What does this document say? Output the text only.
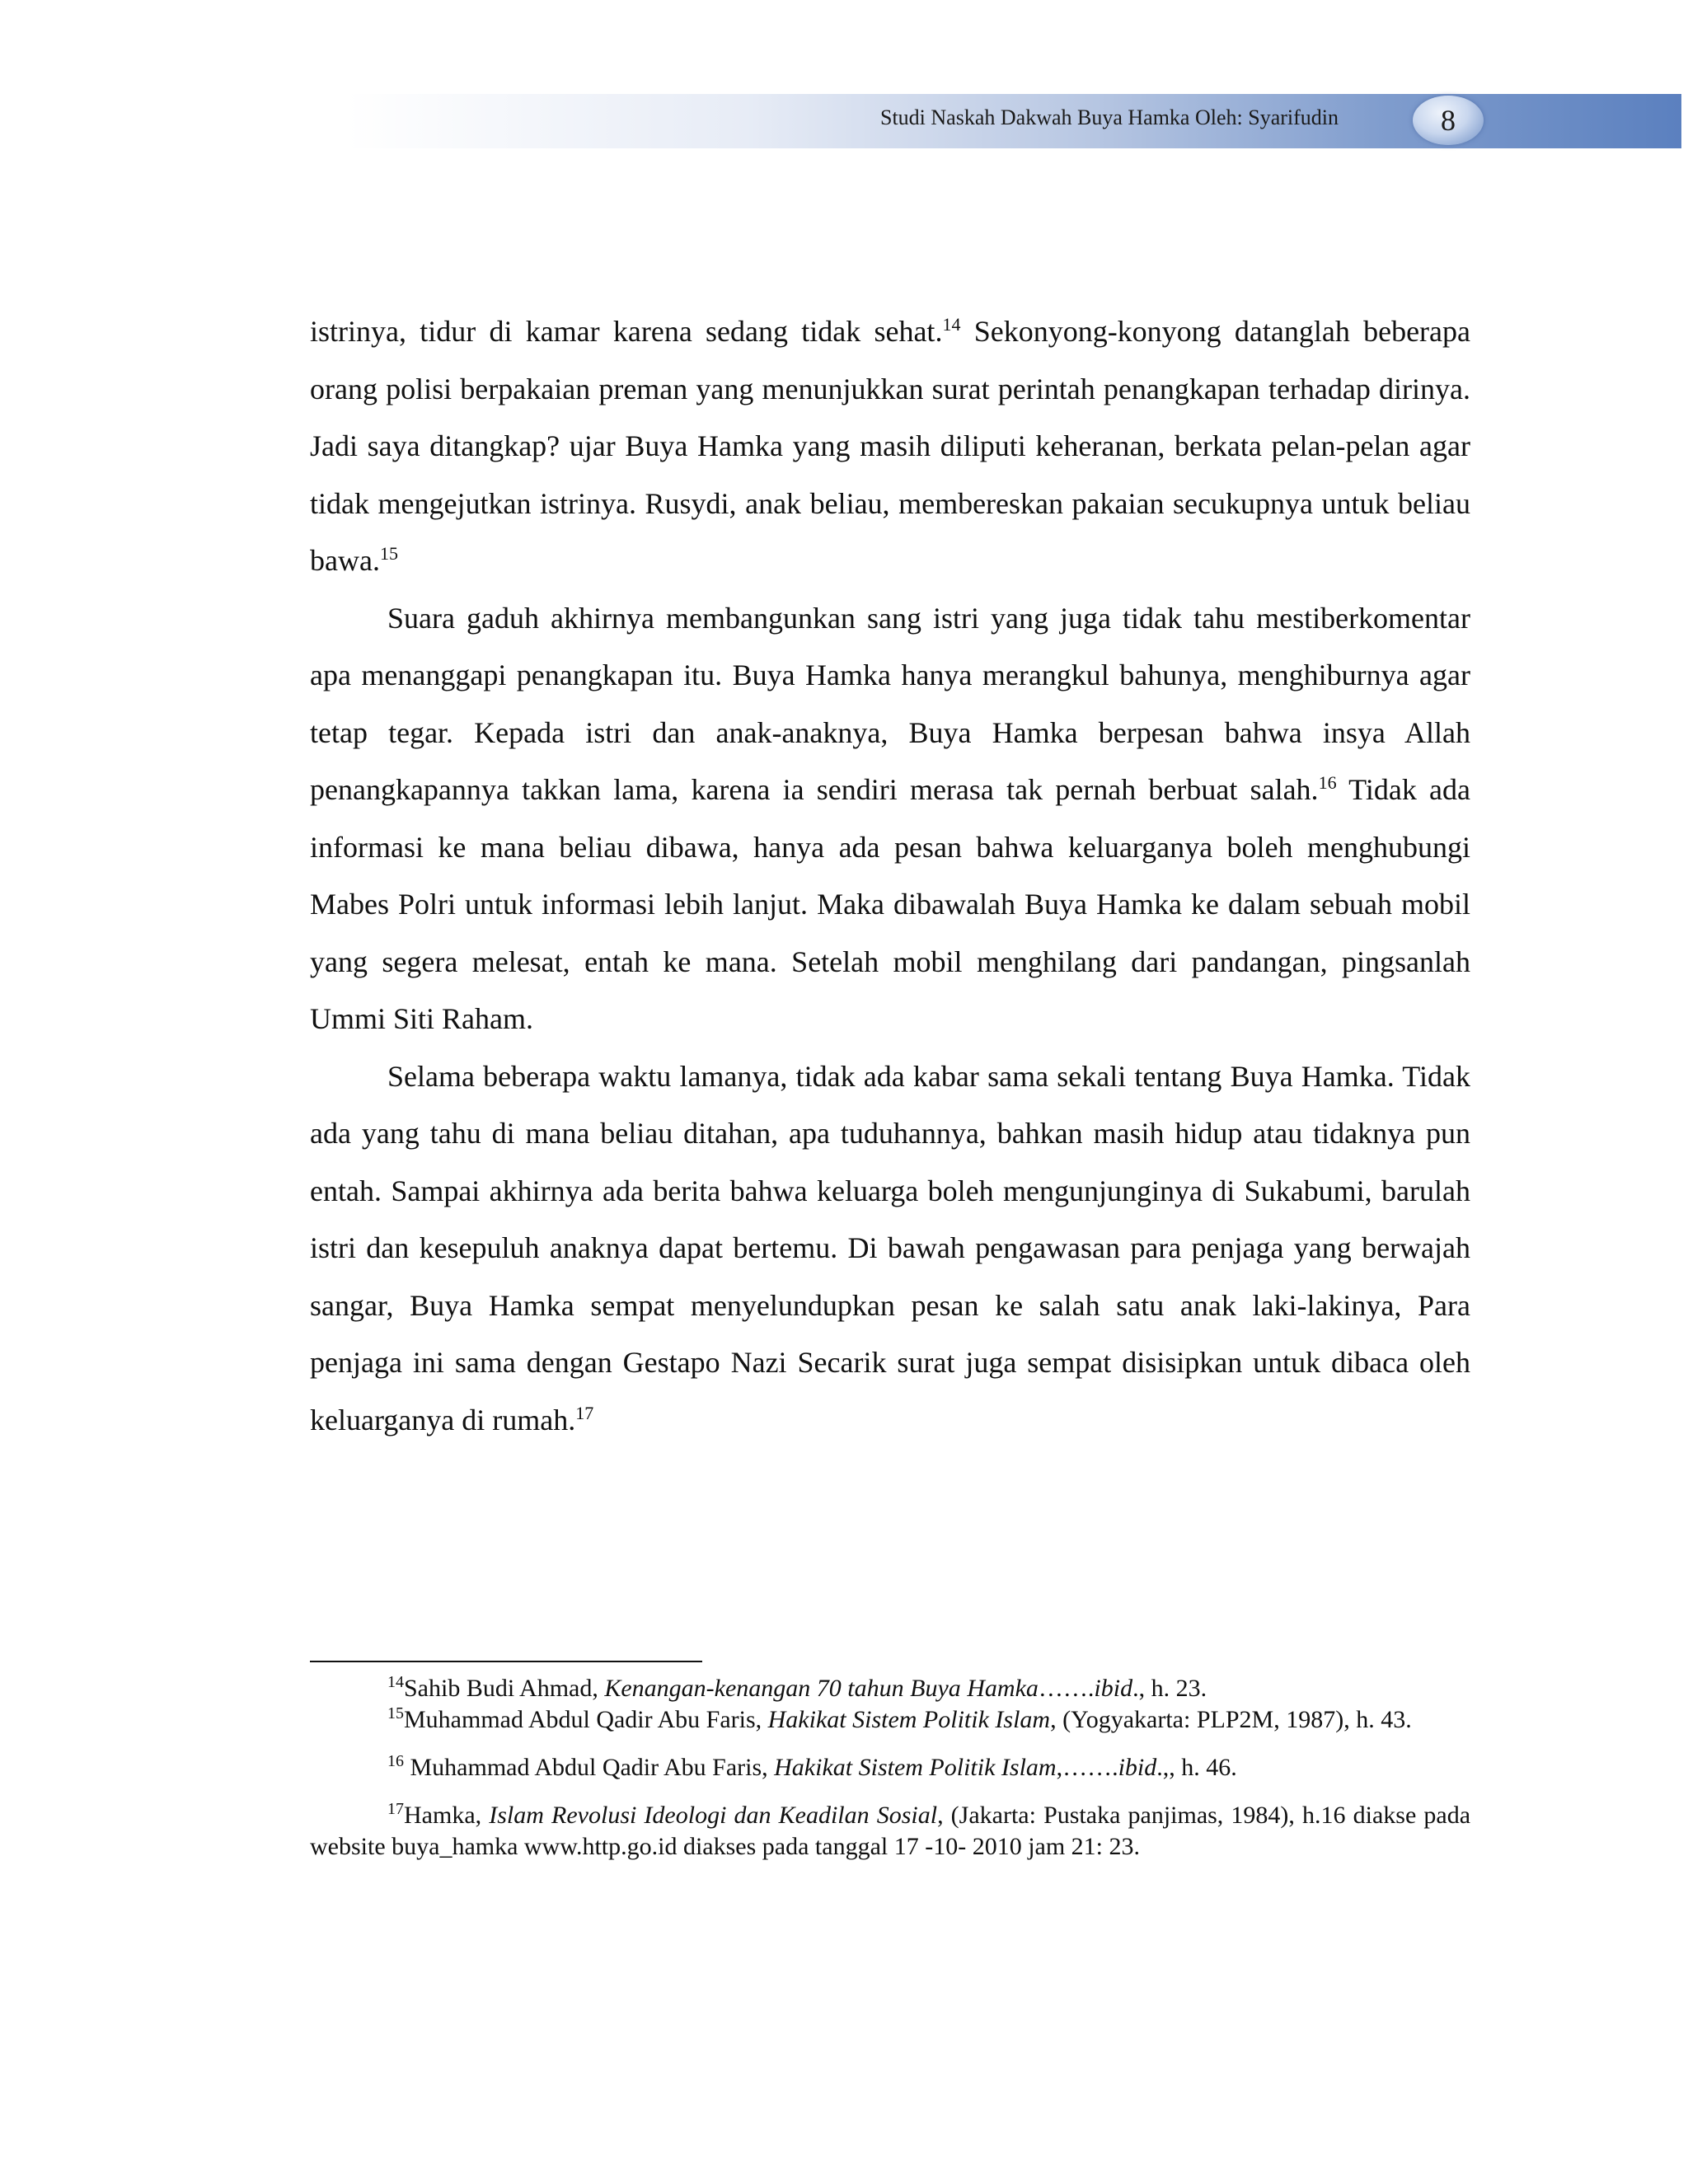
Studi Naskah Dakwah Buya Hamka Oleh: Syarifudin	8

istrinya, tidur di kamar karena sedang tidak sehat.$^{14}$ Sekonyong-konyong datanglah beberapa orang polisi berpakaian preman yang menunjukkan surat perintah penangkapan terhadap dirinya. Jadi saya ditangkap? ujar Buya Hamka yang masih diliputi keheranan, berkata pelan-pelan agar tidak mengejutkan istrinya. Rusydi, anak beliau, membereskan pakaian secukupnya untuk beliau bawa.$^{15}$

Suara gaduh akhirnya membangunkan sang istri yang juga tidak tahu mestiberkomentar apa menanggapi penangkapan itu. Buya Hamka hanya merangkul bahunya, menghiburnya agar tetap tegar. Kepada istri dan anak-anaknya, Buya Hamka berpesan bahwa insya Allah penangkapannya takkan lama, karena ia sendiri merasa tak pernah berbuat salah.$^{16}$ Tidak ada informasi ke mana beliau dibawa, hanya ada pesan bahwa keluarganya boleh menghubungi Mabes Polri untuk informasi lebih lanjut. Maka dibawalah Buya Hamka ke dalam sebuah mobil yang segera melesat, entah ke mana. Setelah mobil menghilang dari pandangan, pingsanlah Ummi Siti Raham.

Selama beberapa waktu lamanya, tidak ada kabar sama sekali tentang Buya Hamka. Tidak ada yang tahu di mana beliau ditahan, apa tuduhannya, bahkan masih hidup atau tidaknya pun entah. Sampai akhirnya ada berita bahwa keluarga boleh mengunjunginya di Sukabumi, barulah istri dan kesepuluh anaknya dapat bertemu. Di bawah pengawasan para penjaga yang berwajah sangar, Buya Hamka sempat menyelundupkan pesan ke salah satu anak laki-lakinya, Para penjaga ini sama dengan Gestapo Nazi Secarik surat juga sempat disisipkan untuk dibaca oleh keluarganya di rumah.$^{17}$

$^{14}$Sahib Budi Ahmad, Kenangan-kenangan 70 tahun Buya Hamka…….ibid., h. 23.

$^{15}$Muhammad Abdul Qadir Abu Faris, Hakikat Sistem Politik Islam, (Yogyakarta: PLP2M, 1987), h. 43.

$^{16}$ Muhammad Abdul Qadir Abu Faris, Hakikat Sistem Politik Islam,…….ibid.,, h. 46.

$^{17}$Hamka, Islam Revolusi Ideologi dan Keadilan Sosial, (Jakarta: Pustaka panjimas, 1984), h.16 diakse pada website buya_hamka www.http.go.id diakses pada tanggal 17 -10- 2010 jam 21: 23.
